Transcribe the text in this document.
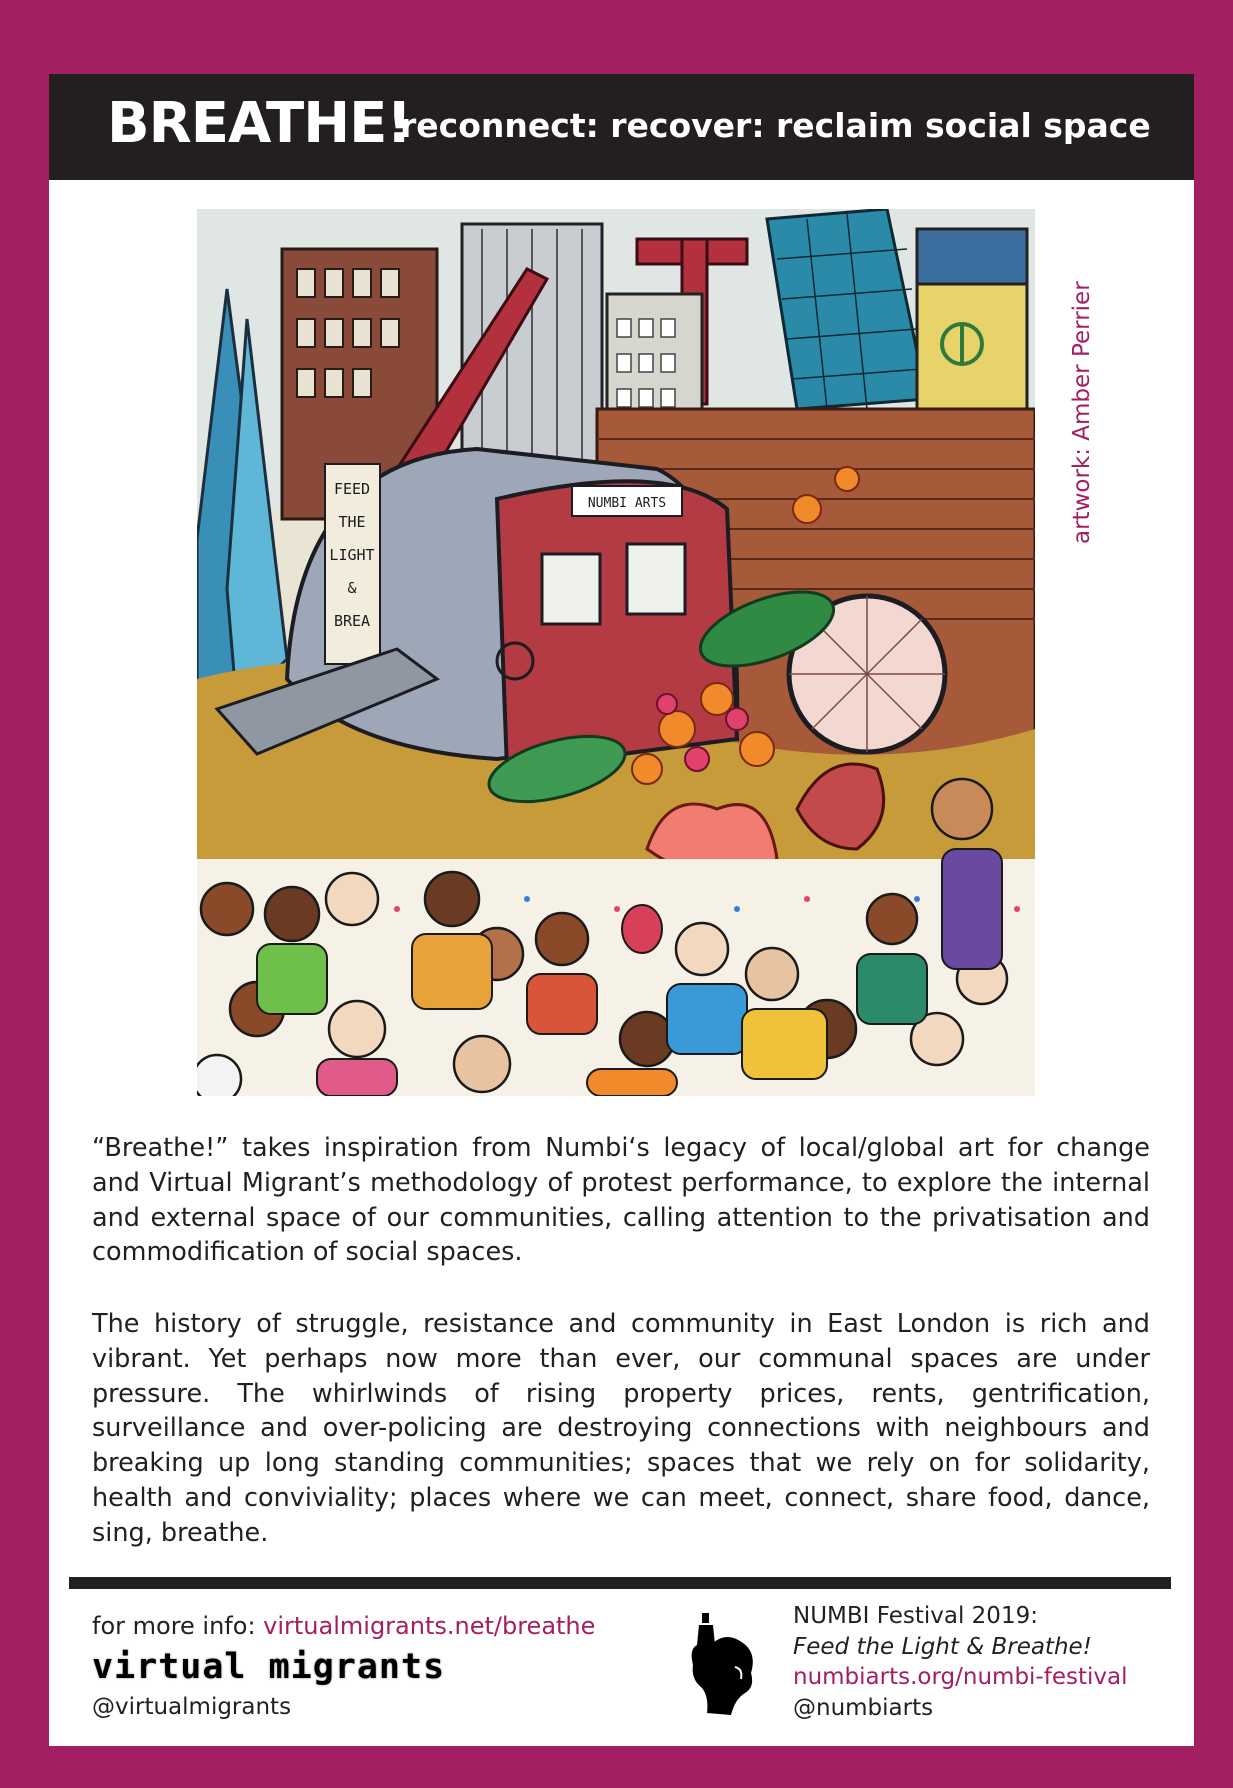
BREATHE!
reconnect: recover: reclaim social space
NUMBI ARTS
FEED
THE
LIGHT
&
BREA
artwork: Amber Perrier

“Breathe!” takes inspiration from Numbi‘s legacy of local/global art for change and Virtual Migrant’s methodology of protest performance, to explore the internal and external space of our communities, calling attention to the privatisation and commodification of social spaces.

The history of struggle, resistance and community in East London is rich and vibrant. Yet perhaps now more than ever, our communal spaces are under pressure. The whirlwinds of rising property prices, rents, gentrification, surveillance and over-policing are destroying connections with neighbours and breaking up long standing communities; spaces that we rely on for solidarity, health and conviviality; places where we can meet, connect, share food, dance, sing, breathe.

for more info: virtualmigrants.net/breathe
virtual migrants
@virtualmigrants
NUMBI Festival 2019:
Feed the Light & Breathe!
numbiarts.org/numbi-festival
@numbiarts
